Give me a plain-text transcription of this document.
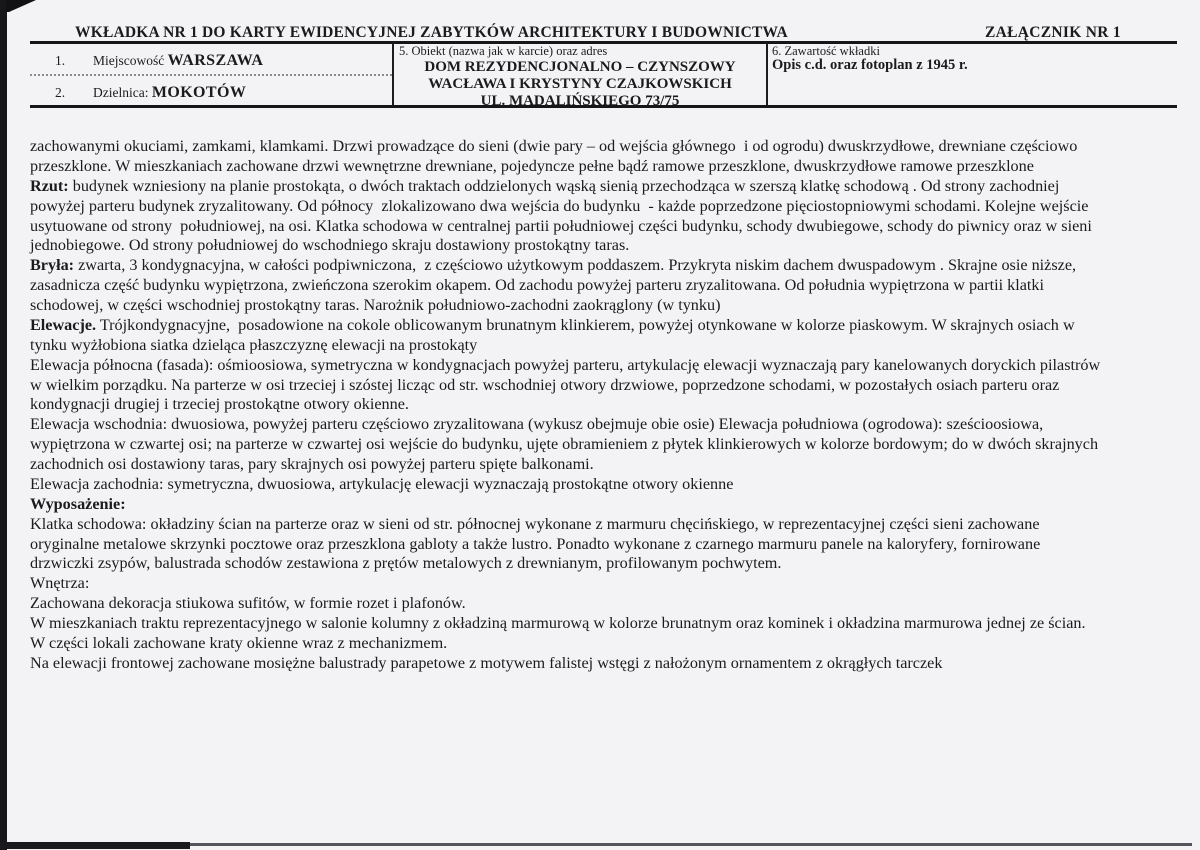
WKŁADKA NR 1 DO KARTY EWIDENCYJNEJ ZABYTKÓW ARCHITEKTURY I BUDOWNICTWA	ZAŁĄCZNIK NR 1
1. Miejscowość WARSZAWA
2. Dzielnica: MOKOTÓW
5. Obiekt (nazwa jak w karcie) oraz adres
DOM REZYDENCJONALNO – CZYNSZOWY
WACŁAWA I KRYSTYNY CZAJKOWSKICH
UL. MADALIŃSKIEGO 73/75
6. Zawartość wkładki
Opis c.d. oraz fotoplan z 1945 r.
zachowanymi okuciami, zamkami, klamkami. Drzwi prowadzące do sieni (dwie pary – od wejścia głównego  i od ogrodu) dwuskrzydłowe, drewniane częściowo
przeszklone. W mieszkaniach zachowane drzwi wewnętrzne drewniane, pojedyncze pełne bądź ramowe przeszklone, dwuskrzydłowe ramowe przeszklone
Rzut: budynek wzniesiony na planie prostokąta, o dwóch traktach oddzielonych wąską sienią przechodząca w szerszą klatkę schodową . Od strony zachodniej
powyżej parteru budynek zryzalitowany. Od północy  zlokalizowano dwa wejścia do budynku  - każde poprzedzone pięciostopniowymi schodami. Kolejne wejście
usytuowane od strony  południowej, na osi. Klatka schodowa w centralnej partii południowej części budynku, schody dwubiegowe, schody do piwnicy oraz w sieni
jednobiegowe. Od strony południowej do wschodniego skraju dostawiony prostokątny taras.
Bryła: zwarta, 3 kondygnacyjna, w całości podpiwniczona,  z częściowo użytkowym poddaszem. Przykryta niskim dachem dwuspadowym . Skrajne osie niższe,
zasadnicza część budynku wypiętrzona, zwieńczona szerokim okapem. Od zachodu powyżej parteru zryzalitowana. Od południa wypiętrzona w partii klatki
schodowej, w części wschodniej prostokątny taras. Narożnik południowo-zachodni zaokrąglony (w tynku)
Elewacje. Trójkondygnacyjne,  posadowione na cokole oblicowanym brunatnym klinkierem, powyżej otynkowane w kolorze piaskowym. W skrajnych osiach w
tynku wyżłobiona siatka dzieląca płaszczyznę elewacji na prostokąty
Elewacja północna (fasada): ośmioosiowa, symetryczna w kondygnacjach powyżej parteru, artykulację elewacji wyznaczają pary kanelowanych doryckich pilastrów
w wielkim porządku. Na parterze w osi trzeciej i szóstej licząc od str. wschodniej otwory drzwiowe, poprzedzone schodami, w pozostałych osiach parteru oraz
kondygnacji drugiej i trzeciej prostokątne otwory okienne.
Elewacja wschodnia: dwuosiowa, powyżej parteru częściowo zryzalitowana (wykusz obejmuje obie osie) Elewacja południowa (ogrodowa): sześcioosiowa,
wypiętrzona w czwartej osi; na parterze w czwartej osi wejście do budynku, ujęte obramieniem z płytek klinkierowych w kolorze bordowym; do w dwóch skrajnych
zachodnich osi dostawiony taras, pary skrajnych osi powyżej parteru spięte balkonami.
Elewacja zachodnia: symetryczna, dwuosiowa, artykulację elewacji wyznaczają prostokątne otwory okienne
Wyposażenie:
Klatka schodowa: okładziny ścian na parterze oraz w sieni od str. północnej wykonane z marmuru chęcińskiego, w reprezentacyjnej części sieni zachowane
oryginalne metalowe skrzynki pocztowe oraz przeszklona gabloty a także lustro. Ponadto wykonane z czarnego marmuru panele na kaloryfery, fornirowane
drzwiczki zsypów, balustrada schodów zestawiona z prętów metalowych z drewnianym, profilowanym pochwytem.
Wnętrza:
Zachowana dekoracja stiukowa sufitów, w formie rozet i plafonów.
W mieszkaniach traktu reprezentacyjnego w salonie kolumny z okładziną marmurową w kolorze brunatnym oraz kominek i okładzina marmurowa jednej ze ścian.
W części lokali zachowane kraty okienne wraz z mechanizmem.
Na elewacji frontowej zachowane mosiężne balustrady parapetowe z motywem falistej wstęgi z nałożonym ornamentem z okrągłych tarczek
